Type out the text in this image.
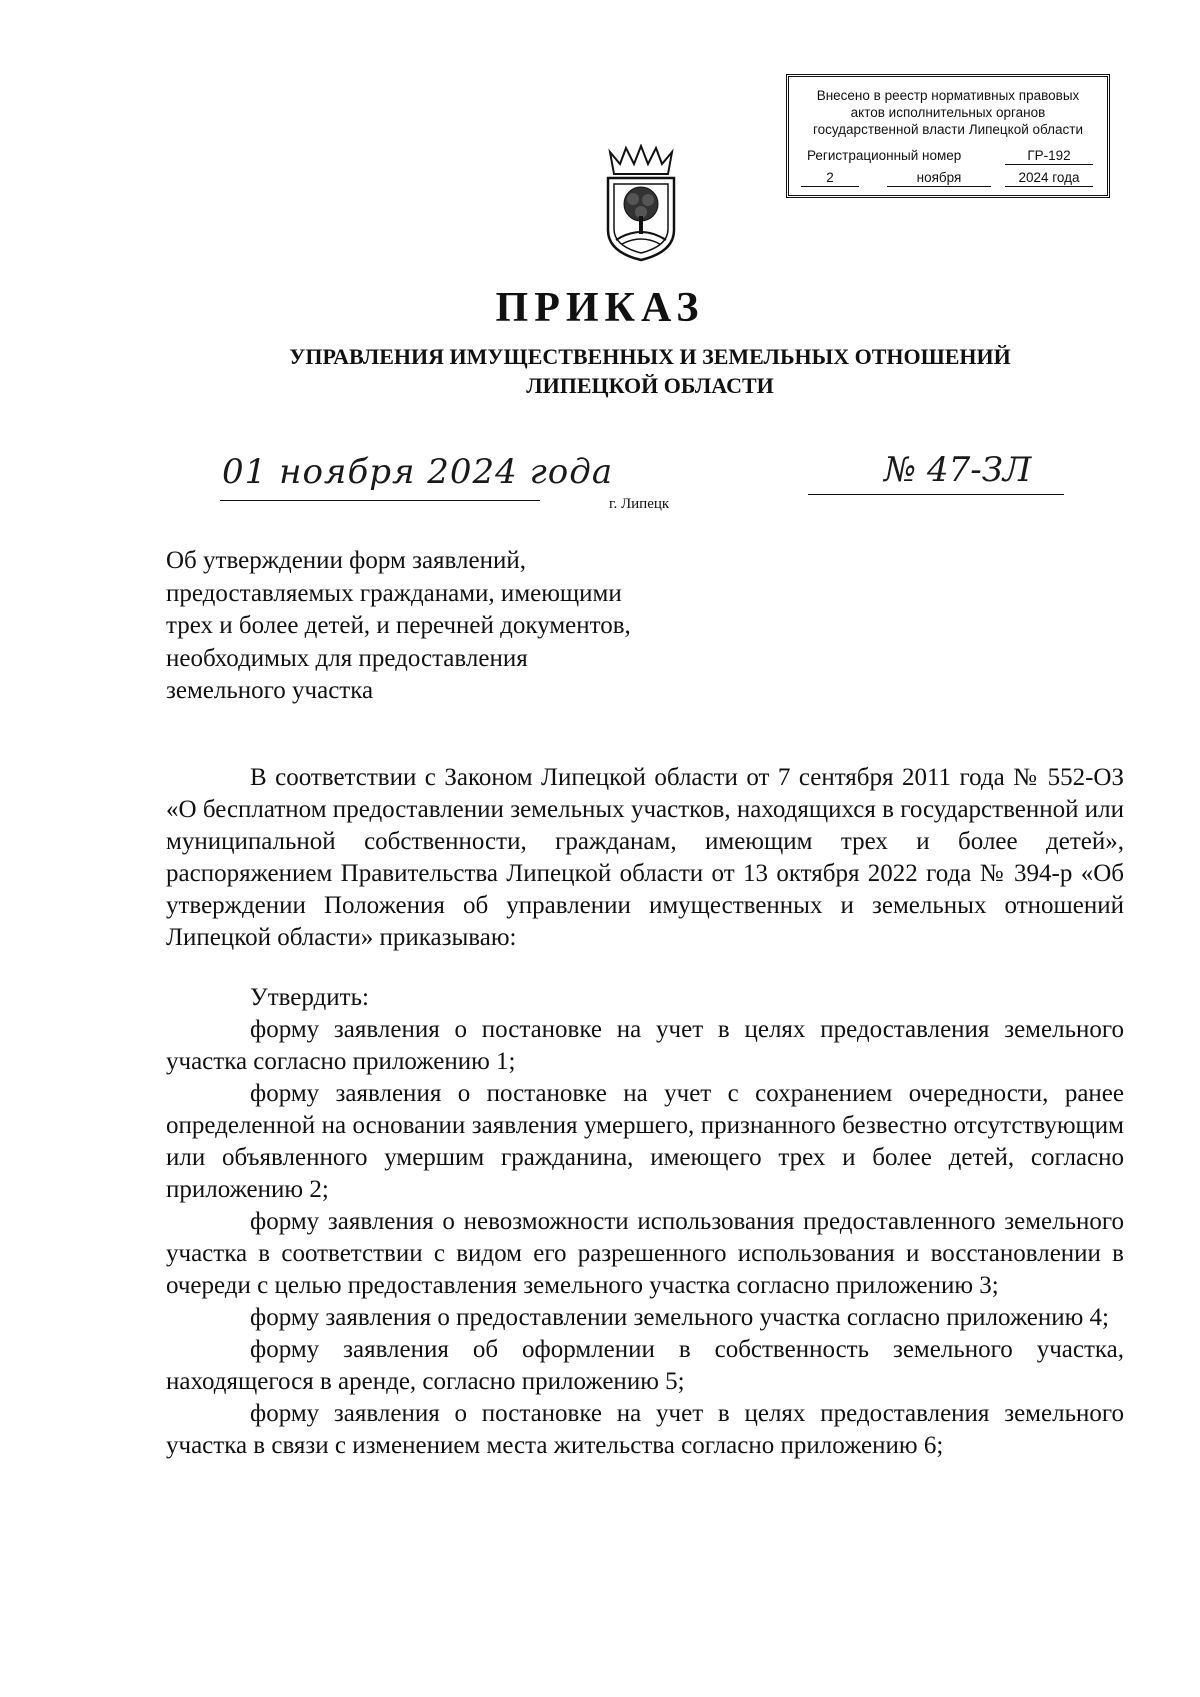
Внесено в реестр нормативных правовых
актов исполнительных органов
государственной власти Липецкой области
Регистрационный номер	ГР-192
2	ноября	2024 года
ПРИКАЗ
УПРАВЛЕНИЯ ИМУЩЕСТВЕННЫХ И ЗЕМЕЛЬНЫХ ОТНОШЕНИЙ
ЛИПЕЦКОЙ ОБЛАСТИ
01 ноября 2024 года	№ 47-ЗЛ
г. Липецк
Об утверждении форм заявлений,
предоставляемых гражданами, имеющими
трех и более детей, и перечней документов,
необходимых для предоставления
земельного участка
В соответствии с Законом Липецкой области от 7 сентября 2011 года № 552-ОЗ «О бесплатном предоставлении земельных участков, находящихся в государственной или муниципальной собственности, гражданам, имеющим трех и более детей», распоряжением Правительства Липецкой области от 13 октября 2022 года № 394-р «Об утверждении Положения об управлении имущественных и земельных отношений Липецкой области» приказываю:
Утвердить:
форму заявления о постановке на учет в целях предоставления земельного участка согласно приложению 1;
форму заявления о постановке на учет с сохранением очередности, ранее определенной на основании заявления умершего, признанного безвестно отсутствующим или объявленного умершим гражданина, имеющего трех и более детей, согласно приложению 2;
форму заявления о невозможности использования предоставленного земельного участка в соответствии с видом его разрешенного использования и восстановлении в очереди с целью предоставления земельного участка согласно приложению 3;
форму заявления о предоставлении земельного участка согласно приложению 4;
форму заявления об оформлении в собственность земельного участка, находящегося в аренде, согласно приложению 5;
форму заявления о постановке на учет в целях предоставления земельного участка в связи с изменением места жительства согласно приложению 6;
